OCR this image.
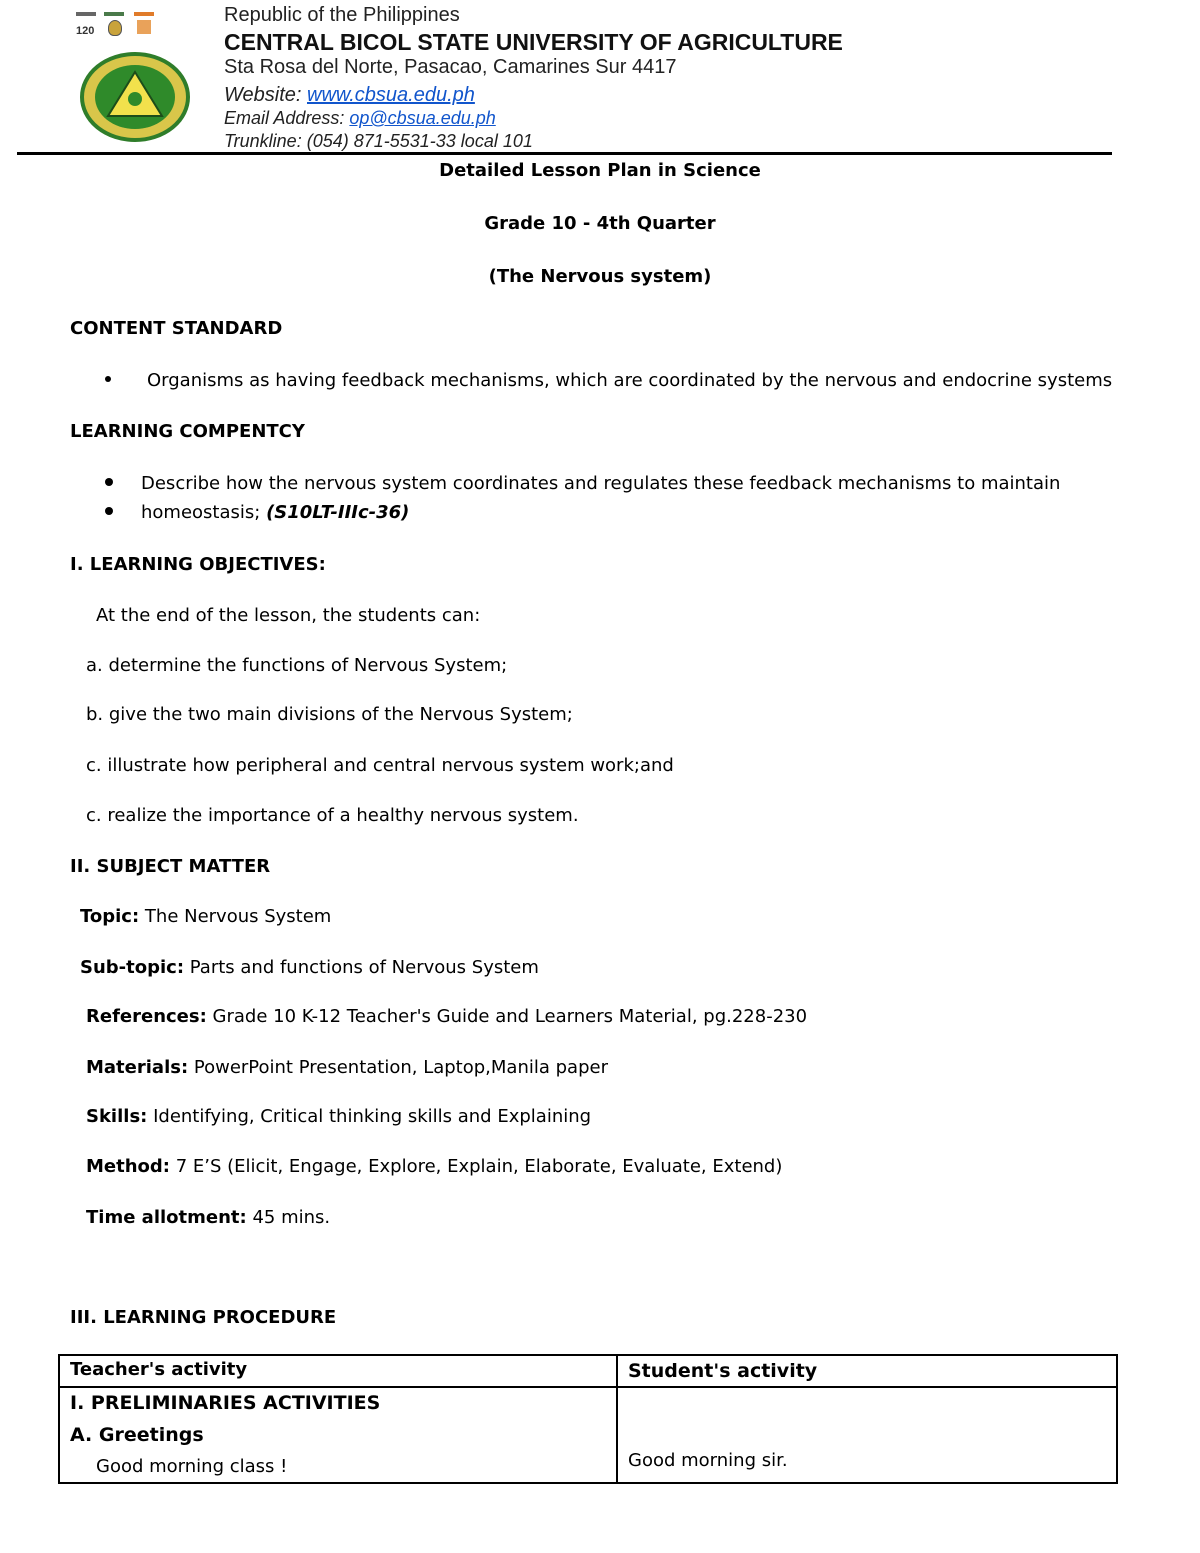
120
Republic of the Philippines
CENTRAL BICOL STATE UNIVERSITY OF AGRICULTURE
Sta Rosa del Norte, Pasacao, Camarines Sur 4417
Website: www.cbsua.edu.ph
Email Address: op@cbsua.edu.ph
Trunkline: (054) 871-5531-33 local 101
Detailed Lesson Plan in Science
Grade 10 - 4th Quarter
(The Nervous system)
CONTENT STANDARD
Organisms as having feedback mechanisms, which are coordinated by the nervous and endocrine systems
LEARNING COMPENTCY
Describe how the nervous system coordinates and regulates these feedback mechanisms to maintain
homeostasis; (S10LT-IIIc-36)
I. LEARNING OBJECTIVES:
At the end of the lesson, the students can:
a. determine the functions of Nervous System;
b. give the two main divisions of the Nervous System;
c. illustrate how peripheral and central nervous system work;and
c. realize the importance of a healthy nervous system.
II. SUBJECT MATTER
Topic: The Nervous System
Sub-topic: Parts and functions of Nervous System
References: Grade 10 K-12 Teacher's Guide and Learners Material, pg.228-230
Materials: PowerPoint Presentation, Laptop,Manila paper
Skills: Identifying, Critical thinking skills and Explaining
Method: 7 E’S (Elicit, Engage, Explore, Explain, Elaborate, Evaluate, Extend)
Time allotment: 45 mins.
III. LEARNING PROCEDURE
Teacher's activity	Student's activity

I. PRELIMINARIES ACTIVITIES
A. Greetings
Good morning class !	Good morning sir.
